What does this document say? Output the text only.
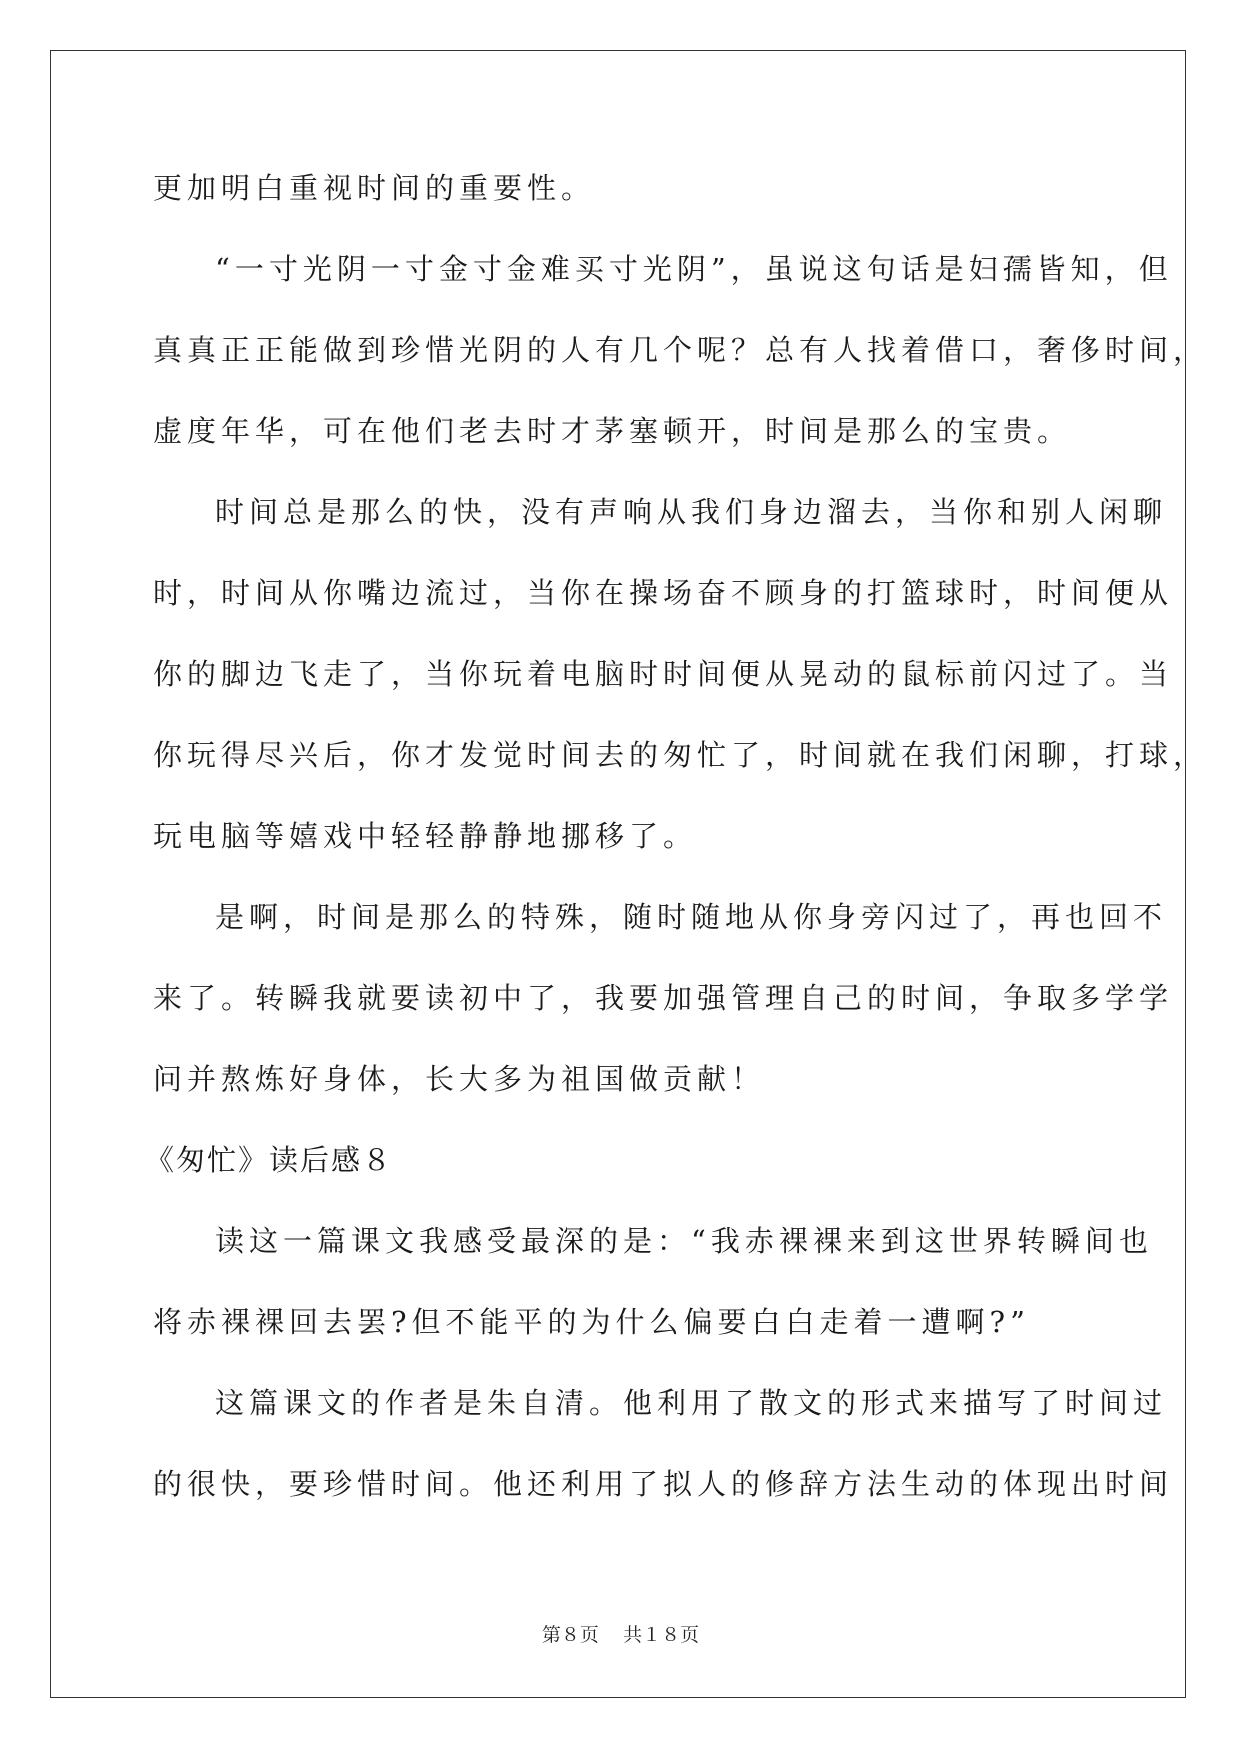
更加明白重视时间的重要性。
“一寸光阴一寸金寸金难买寸光阴”，虽说这句话是妇孺皆知，但
真真正正能做到珍惜光阴的人有几个呢？总有人找着借口，奢侈时间，
虚度年华，可在他们老去时才茅塞顿开，时间是那么的宝贵。
时间总是那么的快，没有声响从我们身边溜去，当你和别人闲聊
时，时间从你嘴边流过，当你在操场奋不顾身的打篮球时，时间便从
你的脚边飞走了，当你玩着电脑时时间便从晃动的鼠标前闪过了。当
你玩得尽兴后，你才发觉时间去的匆忙了，时间就在我们闲聊，打球，
玩电脑等嬉戏中轻轻静静地挪移了。
是啊，时间是那么的特殊，随时随地从你身旁闪过了，再也回不
来了。转瞬我就要读初中了，我要加强管理自己的时间，争取多学学
问并熬炼好身体，长大多为祖国做贡献！
《匆忙》读后感８
读这一篇课文我感受最深的是：“我赤裸裸来到这世界转瞬间也
将赤裸裸回去罢?但不能平的为什么偏要白白走着一遭啊?”
这篇课文的作者是朱自清。他利用了散文的形式来描写了时间过
的很快，要珍惜时间。他还利用了拟人的修辞方法生动的体现出时间
第８页 共１８页
